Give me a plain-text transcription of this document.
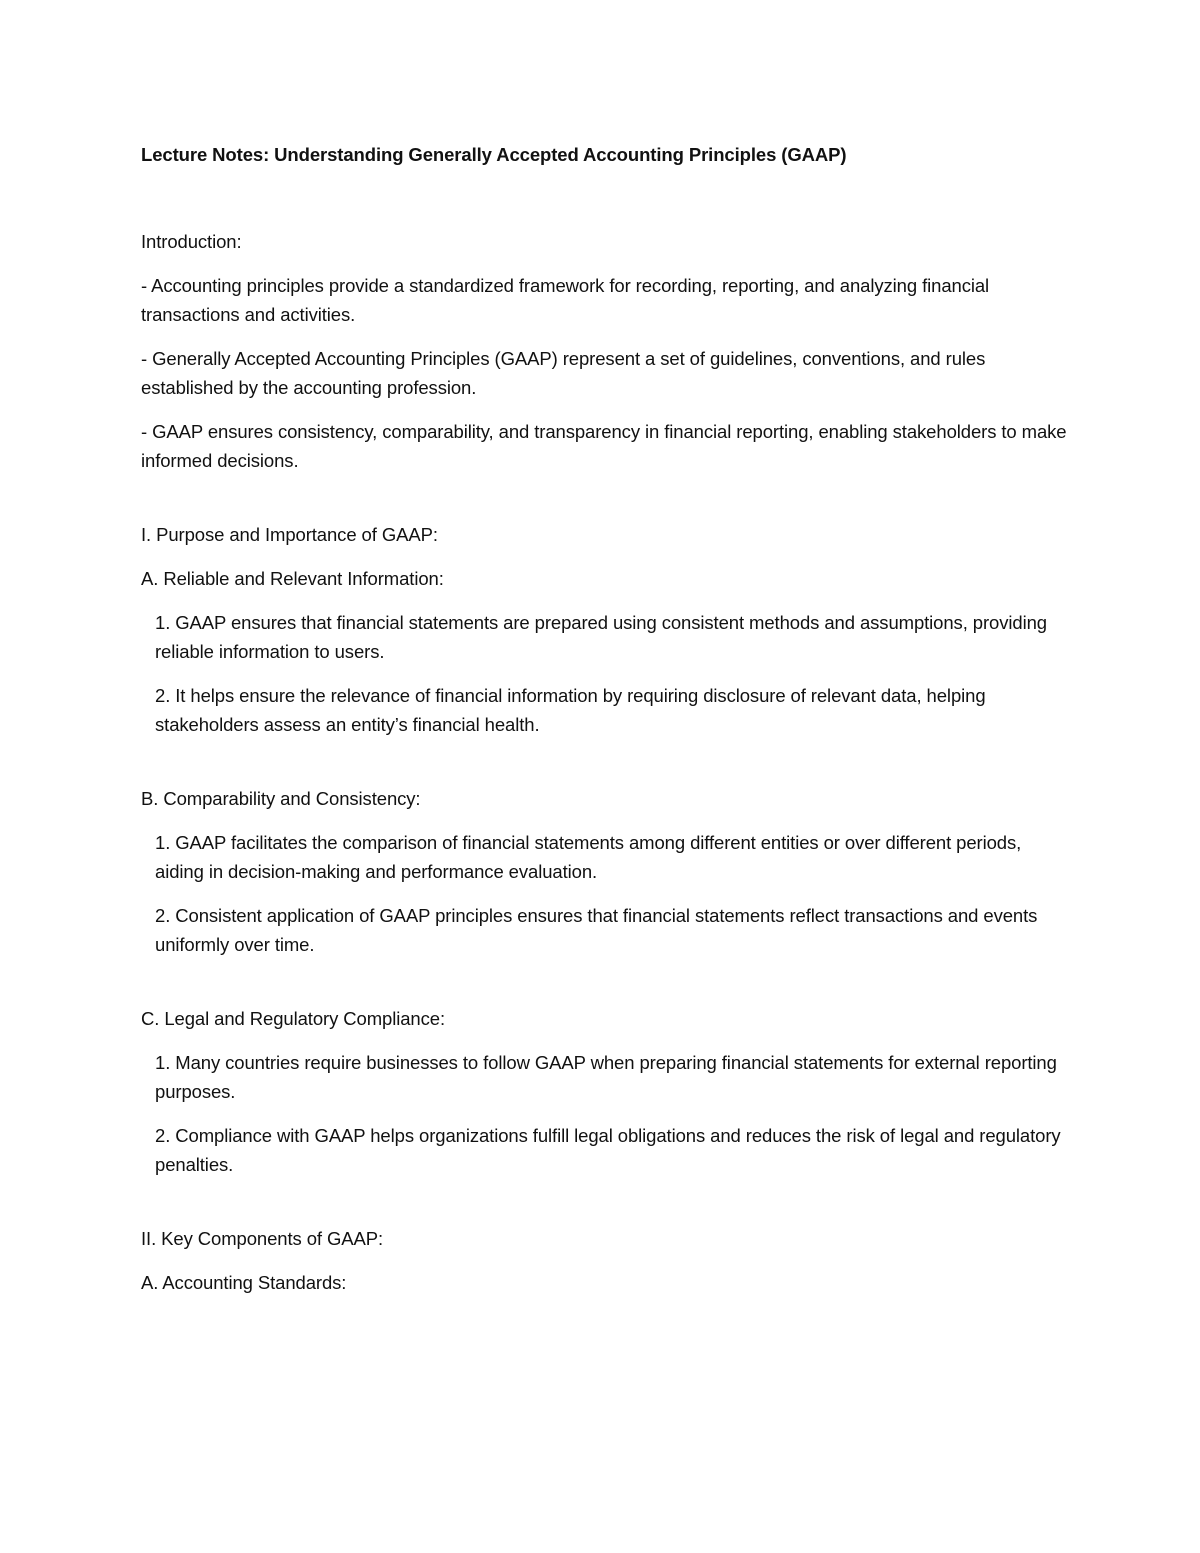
Lecture Notes: Understanding Generally Accepted Accounting Principles (GAAP)

Introduction:

- Accounting principles provide a standardized framework for recording, reporting, and analyzing financial transactions and activities.

- Generally Accepted Accounting Principles (GAAP) represent a set of guidelines, conventions, and rules established by the accounting profession.

- GAAP ensures consistency, comparability, and transparency in financial reporting, enabling stakeholders to make informed decisions.

I. Purpose and Importance of GAAP:

A. Reliable and Relevant Information:

1. GAAP ensures that financial statements are prepared using consistent methods and assumptions, providing reliable information to users.

2. It helps ensure the relevance of financial information by requiring disclosure of relevant data, helping stakeholders assess an entity’s financial health.

B. Comparability and Consistency:

1. GAAP facilitates the comparison of financial statements among different entities or over different periods, aiding in decision-making and performance evaluation.

2. Consistent application of GAAP principles ensures that financial statements reflect transactions and events uniformly over time.

C. Legal and Regulatory Compliance:

1. Many countries require businesses to follow GAAP when preparing financial statements for external reporting purposes.

2. Compliance with GAAP helps organizations fulfill legal obligations and reduces the risk of legal and regulatory penalties.

II. Key Components of GAAP:

A. Accounting Standards:
